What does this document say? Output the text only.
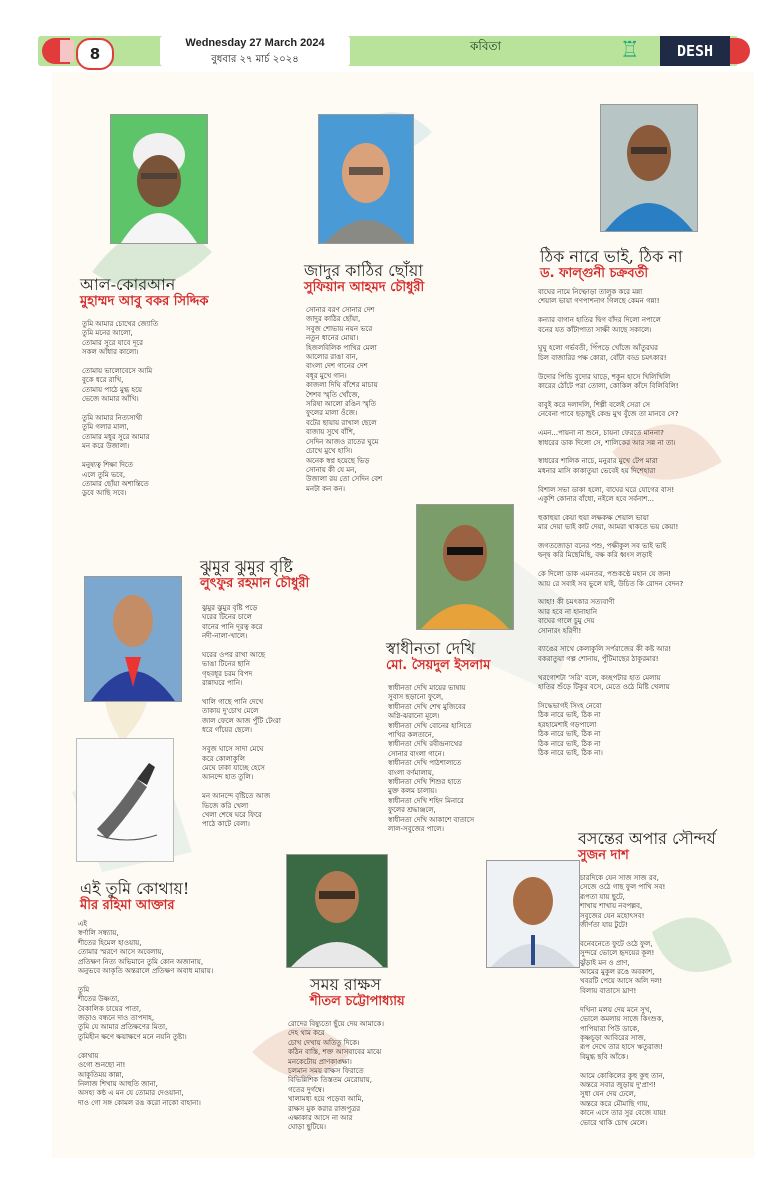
8
Wednesday 27 March 2024
বুধবার ২৭ মার্চ ২০২৪
কবিতা	♖	DESH
আল-কোরআন
মুহাম্মদ আবু বকর সিদ্দিক
তুমি আমার চোখের জ্যোতি
তুমি মনের আলো,
তোমার সুরে যাবে দূরে
সকল আঁধার কালো।

তোমায় ভালোবেসে আমি
বুকে ধরে রাখি,
তোমায় পাঠে মুগ্ধ হয়ে
ভেজে আমার আঁখি।

তুমি আমার নিত্যসাথী
তুমি গলার মালা,
তোমার মধুর সুরে আমার
মন করে উজালা।

মনুষ্যত্ব শিক্ষা দিতে
এলে তুমি ভবে,
তোমার ছোঁয়া অশান্তিতে
ডুবে আছি সবে।
জাদুর কাঠির ছোঁয়া
সুফিয়ান আহমদ চৌধুরী
সোনার বরণ সোনার দেশ
জাদুর কাঠির ছোঁয়া,
সবুজ শোভায় নয়ন ভরে
নতুন ধানের মোয়া।
হিজলবিলিক পাখির মেলা
আলোর রাঙা বান,
বাংলা দেশ গানের দেশ
বধূর মুখে গান।
কাজলা দিঘি বাঁশের মাচায়
শৈশব স্মৃতি খোঁজে,
সরিষা আলো রঙিন স্মৃতি
ফুলের মালা ওঁজে।
বটের ছায়ায় রাখাল ছেলে
বাজায় সুখে বাঁশি,
সেদিন আজও রাতের ঘুমে
চোখে মুখে হাসি।
অনেক স্বপ্ন হয়েছে ভিড়
সোনায় কী যে মন,
উজালা রয় তো সেদিন বেশ
মনটা কন কন।
ঠিক নারে ভাই, ঠিক না
ড. ফাল্গুনী চক্রবর্তী
বাঘের নামে নিষ্ফোড়া তালুক করে মন্না
শেয়াল ভায়া গণপাশনাগ গিলছে কেমন গন্না!

কন্যার বাগান হাতির দ্বিগ বাঁদর দিলো নপালে
বনের যত কাঁটাপাতা সাক্ষী আছে সকালে।

ঘুঘু হলো গর্ভবতী, পিঁপড়ে খোঁজে আঁতুরঘর
চিল বাজারির পক্ষ কোরা, বোঁটা বড্ড চমৎকার!

উদোর পিন্ডি বুদোর ঘাড়ে, শকুন হাসে খিলিখিলি
কারের ঠোঁটে পরা তোলা, কোকিল কাঁদে বিলিবিলি!

বাবুই করে দলাদলি, শিল্পী বলেই সেরা সে
নেবেনা পাবে ছড়াছুই কেন্দ্র মুখ বুঁজে তা মানবে সে?

এমন...পায়না না শুনে, চায়না ফেরতে মাননা?
স্বাধরের ডাক দিলো সে, শালিকের আর সন্ন না তা।

স্বাধরের শালিক নাচে, মনুরার মুখে টেপ মারা
মধনার মাসি কাকাতুয়া ভেবেই হয় দিশেহারা

বিশাল সভা ডাকা হলো, বাঘের ঘরে যোগের বাস!
একুশি কোনার বাঁধো, নইলে হবে সর্বনাশ...

হুকাহুয়া কেয়া হুয়া লক্ষকক্ষ শেয়াল ভায়া
মার দেয়া ভাই কাট দেয়া, আমরা থাকতে ভয় কেয়া!

জগতজোড়া বনের পশু, পক্ষীকুল সব ভাই ভাই
দ্বন্দ্ব করি মিছেমিছি, বক্ষ করি ধ্বংস লড়াই

কে দিলো ডাক এমনতর, পশুকণ্ঠে মহান যে জন!
আয় রে সবাই সব ভুলে যাই, উচিত কি রোদন বেদন?

আহা! কী চমৎকার সত্যবাণী
আর হবে না হানাহানি
বাঘের গালে চুমু দেয়
সোনারং হরিণী!

ব্যাঙের সাথে কেলাকুলি সর্পরাজের কী কষ্ট আর!
বকরাতুয়া গল্প শোনায়, পুঁটিমাছের ঠাকুরমার!

খরগোশটা 'সরি' বলে, কচ্ছপটার হাত মেলায়
হাতির শুঁড়ে টিকুর বসে, মেতে ওঠে মিষ্টি খেলায়

সিদ্ধেভাগই সিংহ নেবো
ঠিক নারে ভাই, ঠিক না
হরহামেশাই গড়পালো
ঠিক নারে ভাই, ঠিক না
ঠিক নারে ভাই, ঠিক না
ঠিক নারে ভাই, ঠিক না।
ঝুমুর ঝুমুর বৃষ্টি
লুৎফুর রহমান চৌধুরী
ঝুমুর ঝুমুর বৃষ্টি পড়ে
ঘরের টিনের চালে
বানের পানি দূরত্ব করে
নদী-নালা-খালে।

ঘরের ওপর রাখা আছে
ভাঙা টিনের ছানি
গৃহবধূর চরম বিপদ
রান্নাঘরে পানি।

খালি গাছে পানি দেখে
তাকায় দু'চোখ মেলে
জাল ফেলে আজ পুঁটি টেংরা
ধরে গাঁয়ের ছেলে।

সবুজ ঘাসে সাদা মেঘে
করে কোলাকুলি
মেঘে ঢাকা যাচ্ছে হেসে
আনন্দে হাত তুলি।

মন আনন্দে বৃষ্টিতে আজ
ভিজে করি খেলা
খেলা শেষে ঘরে ফিরে
পাঠে কাটে বেলা।
স্বাধীনতা দেখি
মো. সৈয়দুল ইসলাম
স্বাধীনতা দেখি মায়ের ভাষায়
সুবাস ছড়ানো ফুলে,
স্বাধীনতা দেখি শেখ মুজিবের
অগ্নি-ঝরানো মূলে।
স্বাধীনতা দেখি বোনের হাসিতে
পাখির কলতানে,
স্বাধীনতা দেখি রবীন্দ্রনাথের
সোনার বাংলা গানে।
স্বাধীনতা দেখি পাঠশালাতে
বাংলা বর্ণমালায়,
স্বাধীনতা দেখি শিশুর হাতে
মুক্ত কলম চালায়।
স্বাধীনতা দেখি শহিদ মিনারে
ফুলের শ্রদ্ধাঞ্জলে,
স্বাধীনতা দেখি আকাশে বাতাসে
লাল-সবুজের পালে।
এই তুমি কোথায়!
মীর রহিমা আক্তার
এই
স্বর্ণালি সন্ধ্যায়,
শীতের হিমেল হাওয়ায়,
তোমার স্মরণে আসে অবেলায়,
প্রতিক্ষণ নিত্য অভিমানে তুমি কোন অজানায়,
অনুভবে আকৃতি অন্তরালে প্রতিক্ষণ অবাধ মায়ায়।

তুমি
শীতের উষ্ণতা,
বৈকালিক চায়ের পাতা,
জড়াও বন্ধনে দাও তাপদাহ,
তুমি যে আমার প্রতিক্ষণের মিতা,
তুমিহীন ক্ষণে ক্ষয়াক্ষণে মনে নয়নি তুষ্টা।

কোথায়
ওগো শুনছো না!
আকুতিময় কান্না,
নিলাজ শিখায় আহুতি জানা,
অসহ্য কন্ঠ এ মন যে তোমার দেওয়ানা,
দাও গো সঙ্গ কোমল রঙ করো নাকো বাহানা।
বসন্তের অপার সৌন্দর্য
সুজন দাশ
চারদিকে যেন সাজ সাজ রব,
সেজে ওঠে গাছ ফুল পাখি সব!
রূপতা যায় ছুটে,
শাখায় শাখায় নবপল্লব,
সবুজের যেন মহোৎসব!
জীর্ণতা যায় টুটে!

বনেবনেতে ফুটে ওঠে ফুল,
সুন্দরে ভোলে হৃদয়ের কূল!
ঝুঁড়াই মন ও প্রাণ,
আমের মুকুল রঙে অবকাশ,
খবরটি পেয়ে আসে অলি দল!
বিলায় বাতাসে ঘ্রাণ!

দখিনা মলয় দেয় মনে সুখ,
ভোলে কমলায় সাজে কিংশুক,
পাপিয়ারা পিউ ডাকে,
কৃষ্ণচূড়া আবিরের সাজ,
রূপ দেখে তার হাসে ঋতুরাজ!
বিমুগ্ধ ছবি আঁকে।

আমে কোকিলের কুহু কুহু তান,
অন্তরে সবার জুড়ায় দু'প্রাণ!
সুধা যেন দেয় ঢেলে,
অন্তরে করে মৌমাছি গায়,
কানে এসে তার সুর বেজে যায়!
ভোরে থাকি চোখ মেলে।
সময় রাক্ষস
শীতল চট্টোপাধ্যায়
রোদের বিষ্যুতো ছুঁয়ে দেয় আমাকে।
দেহ থাম করে
চোখ দেখায় অতিতু দিকে।
কঠিন বাস্তি, শক্ত আসবাবের মাঝে
মনকেটোয় প্রাণকাঙ্ক্ষা।
চলমান সময় রাক্ষস ফিরাতে
বিভিন্নিশিক তিস্ততম মেরোয়ায়,
গতের দুর্গম্বে।
খালামধ্য হয়ে পড়েবা আমি,
রাক্ষস মুক করার রাজপুত্রর
এক্ষাকার আসে না আর
ঘোড়া ছুটিয়ে।
